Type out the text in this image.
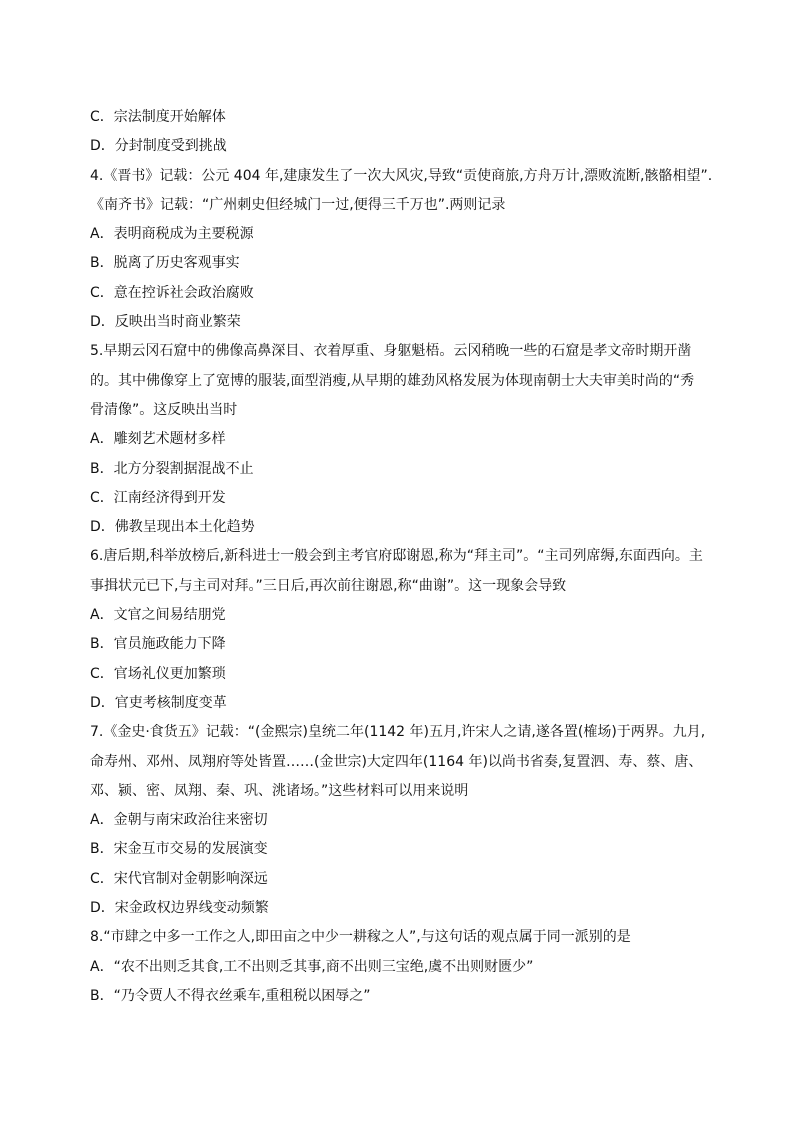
C．宗法制度开始解体
D．分封制度受到挑战
4.《晋书》记载：公元 404 年,建康发生了一次大风灾,导致“贡使商旅,方舟万计,漂败流断,骸骼相望”.
《南齐书》记载：“广州刺史但经城门一过,便得三千万也”.两则记录
A．表明商税成为主要税源
B．脱离了历史客观事实
C．意在控诉社会政治腐败
D．反映出当时商业繁荣
5.早期云冈石窟中的佛像高鼻深目、衣着厚重、身躯魁梧。云冈稍晚一些的石窟是孝文帝时期开凿
的。其中佛像穿上了宽博的服装,面型消瘦,从早期的雄劲风格发展为体现南朝士大夫审美时尚的“秀
骨清像”。这反映出当时
A．雕刻艺术题材多样
B．北方分裂割据混战不止
C．江南经济得到开发
D．佛教呈现出本土化趋势
6.唐后期,科举放榜后,新科进士一般会到主考官府邸谢恩,称为“拜主司”。“主司列席缛,东面西向。主
事揖状元已下,与主司对拜。”三日后,再次前往谢恩,称“曲谢”。这一现象会导致
A．文官之间易结朋党
B．官员施政能力下降
C．官场礼仪更加繁琐
D．官吏考核制度变革
7.《金史·食货五》记载：“(金熙宗)皇统二年(1142 年)五月,许宋人之请,遂各置(榷场)于两界。九月,
命寿州、邓州、凤翔府等处皆置……(金世宗)大定四年(1164 年)以尚书省奏,复置泗、寿、蔡、唐、
邓、颍、密、凤翔、秦、巩、洮诸场。”这些材料可以用来说明
A．金朝与南宋政治往来密切
B．宋金互市交易的发展演变
C．宋代官制对金朝影响深远
D．宋金政权边界线变动频繁
8.“市肆之中多一工作之人,即田亩之中少一耕稼之人”,与这句话的观点属于同一派别的是
A．“农不出则乏其食,工不出则乏其事,商不出则三宝绝,虞不出则财匮少”
B．“乃令贾人不得衣丝乘车,重租税以困辱之”
